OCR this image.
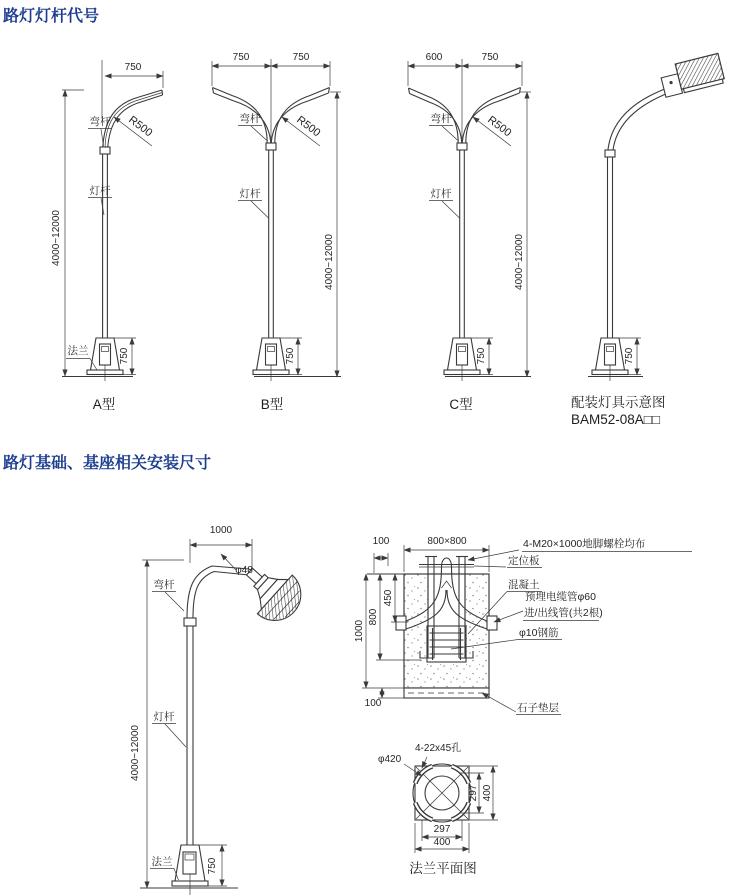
路灯灯杆代号
路灯基础、基座相关安装尺寸
750
弯杆 R500
灯杆
4000~12000
法兰	750
A型
750	750
弯杆	R500
灯杆
4000~12000
750
B型
600	750
弯杆	R500
灯杆
4000~12000
750
C型
750
配装灯具示意图
BAM52-08A□□
1000
φ48
弯杆
灯杆
4000~12000
法兰	750
100	800×800	4-M20×1000地脚螺栓均布
定位板
混凝土
预埋电缆管φ60
进/出线管(共2根)
φ10钢筋
450
800
1000
100	石子垫层
4-22x45孔
φ420
297 400
297
400
法兰平面图
